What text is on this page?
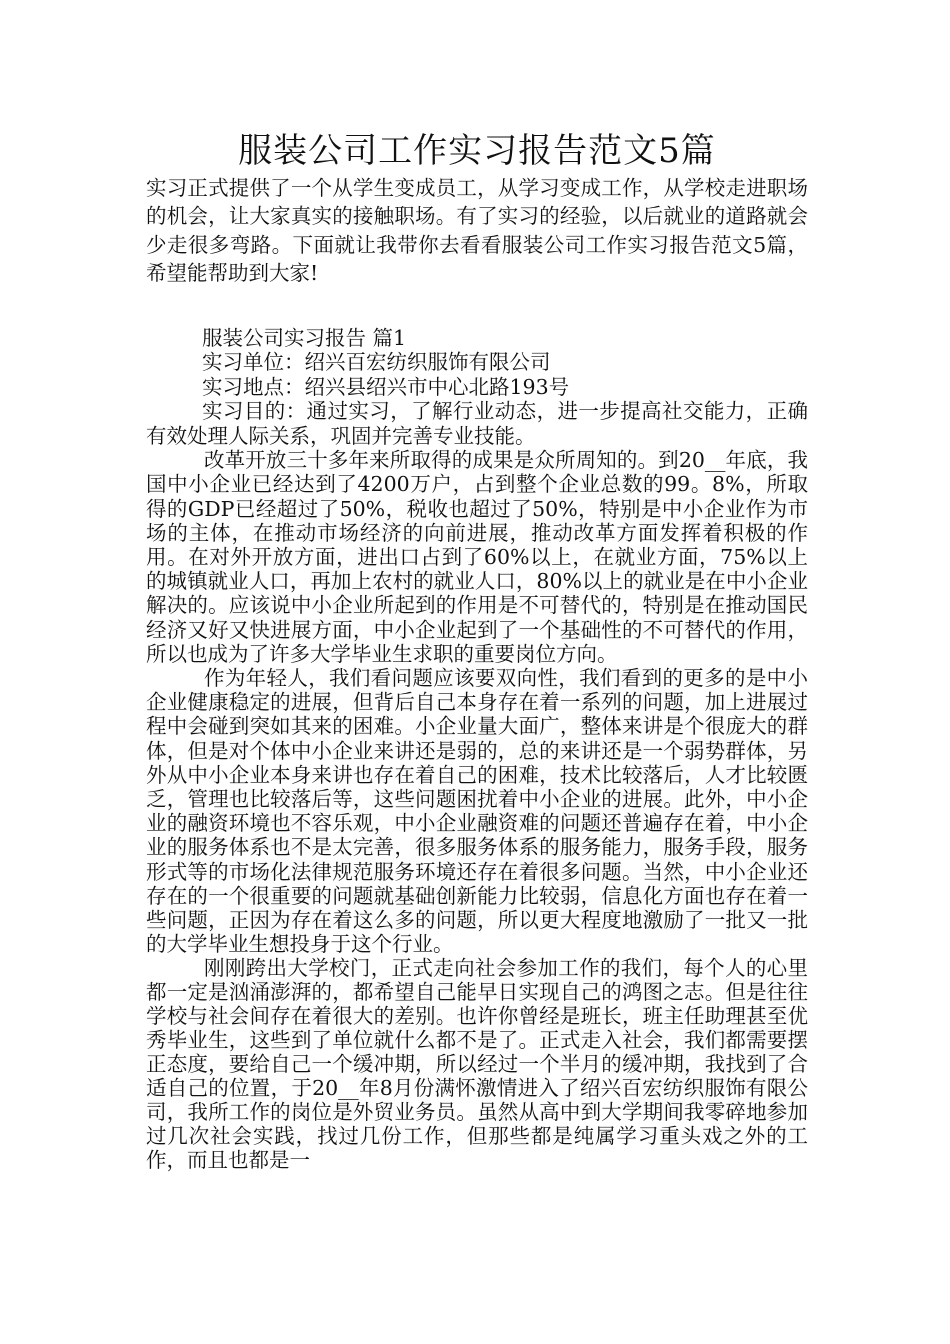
服装公司工作实习报告范文5篇

实习正式提供了一个从学生变成员工，从学习变成工作，从学校走进职场的机会，让大家真实的接触职场。有了实习的经验，以后就业的道路就会少走很多弯路。下面就让我带你去看看服装公司工作实习报告范文5篇，希望能帮助到大家!

服装公司实习报告 篇1

实习单位：绍兴百宏纺织服饰有限公司

实习地点：绍兴县绍兴市中心北路193号

实习目的：通过实习，了解行业动态，进一步提高社交能力，正确有效处理人际关系，巩固并完善专业技能。

改革开放三十多年来所取得的成果是众所周知的。到20__年底，我国中小企业已经达到了4200万户，占到整个企业总数的99。8%，所取得的GDP已经超过了50%，税收也超过了50%，特别是中小企业作为市场的主体，在推动市场经济的向前进展，推动改革方面发挥着积极的作用。在对外开放方面，进出口占到了60%以上，在就业方面，75%以上的城镇就业人口，再加上农村的就业人口，80%以上的就业是在中小企业解决的。应该说中小企业所起到的作用是不可替代的，特别是在推动国民经济又好又快进展方面，中小企业起到了一个基础性的不可替代的作用，所以也成为了许多大学毕业生求职的重要岗位方向。

作为年轻人，我们看问题应该要双向性，我们看到的更多的是中小企业健康稳定的进展，但背后自己本身存在着一系列的问题，加上进展过程中会碰到突如其来的困难。小企业量大面广，整体来讲是个很庞大的群体，但是对个体中小企业来讲还是弱的，总的来讲还是一个弱势群体，另外从中小企业本身来讲也存在着自己的困难，技术比较落后，人才比较匮乏，管理也比较落后等，这些问题困扰着中小企业的进展。此外，中小企业的融资环境也不容乐观，中小企业融资难的问题还普遍存在着，中小企业的服务体系也不是太完善，很多服务体系的服务能力，服务手段，服务形式等的市场化法律规范服务环境还存在着很多问题。当然，中小企业还存在的一个很重要的问题就基础创新能力比较弱，信息化方面也存在着一些问题，正因为存在着这么多的问题，所以更大程度地激励了一批又一批的大学毕业生想投身于这个行业。

刚刚跨出大学校门，正式走向社会参加工作的我们，每个人的心里都一定是汹涌澎湃的，都希望自己能早日实现自己的鸿图之志。但是往往学校与社会间存在着很大的差别。也许你曾经是班长，班主任助理甚至优秀毕业生，这些到了单位就什么都不是了。正式走入社会，我们都需要摆正态度，要给自己一个缓冲期，所以经过一个半月的缓冲期，我找到了合适自己的位置，于20__年8月份满怀激情进入了绍兴百宏纺织服饰有限公司，我所工作的岗位是外贸业务员。虽然从高中到大学期间我零碎地参加过几次社会实践，找过几份工作，但那些都是纯属学习重头戏之外的工作，而且也都是一
